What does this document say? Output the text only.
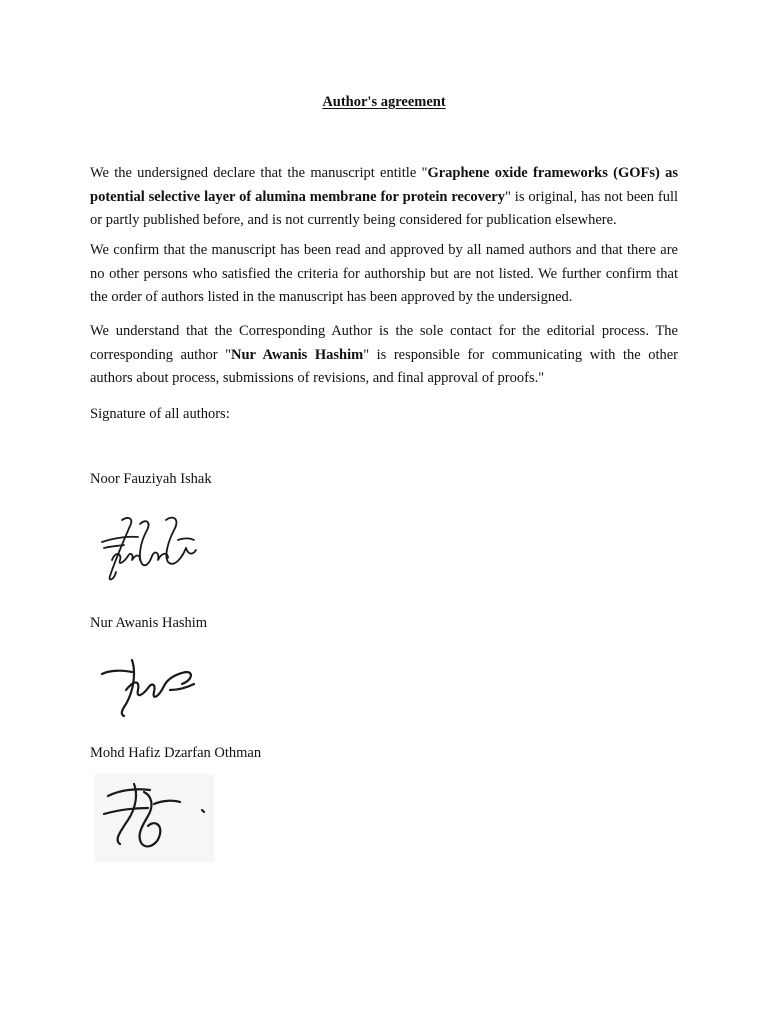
Author's agreement

We the undersigned declare that the manuscript entitle "Graphene oxide frameworks (GOFs) as potential selective layer of alumina membrane for protein recovery" is original, has not been full or partly published before, and is not currently being considered for publication elsewhere.

We confirm that the manuscript has been read and approved by all named authors and that there are no other persons who satisfied the criteria for authorship but are not listed. We further confirm that the order of authors listed in the manuscript has been approved by the undersigned.

We understand that the Corresponding Author is the sole contact for the editorial process. The corresponding author "Nur Awanis Hashim" is responsible for communicating with the other authors about process, submissions of revisions, and final approval of proofs."

Signature of all authors:

Noor Fauziyah Ishak

Nur Awanis Hashim

Mohd Hafiz Dzarfan Othman
